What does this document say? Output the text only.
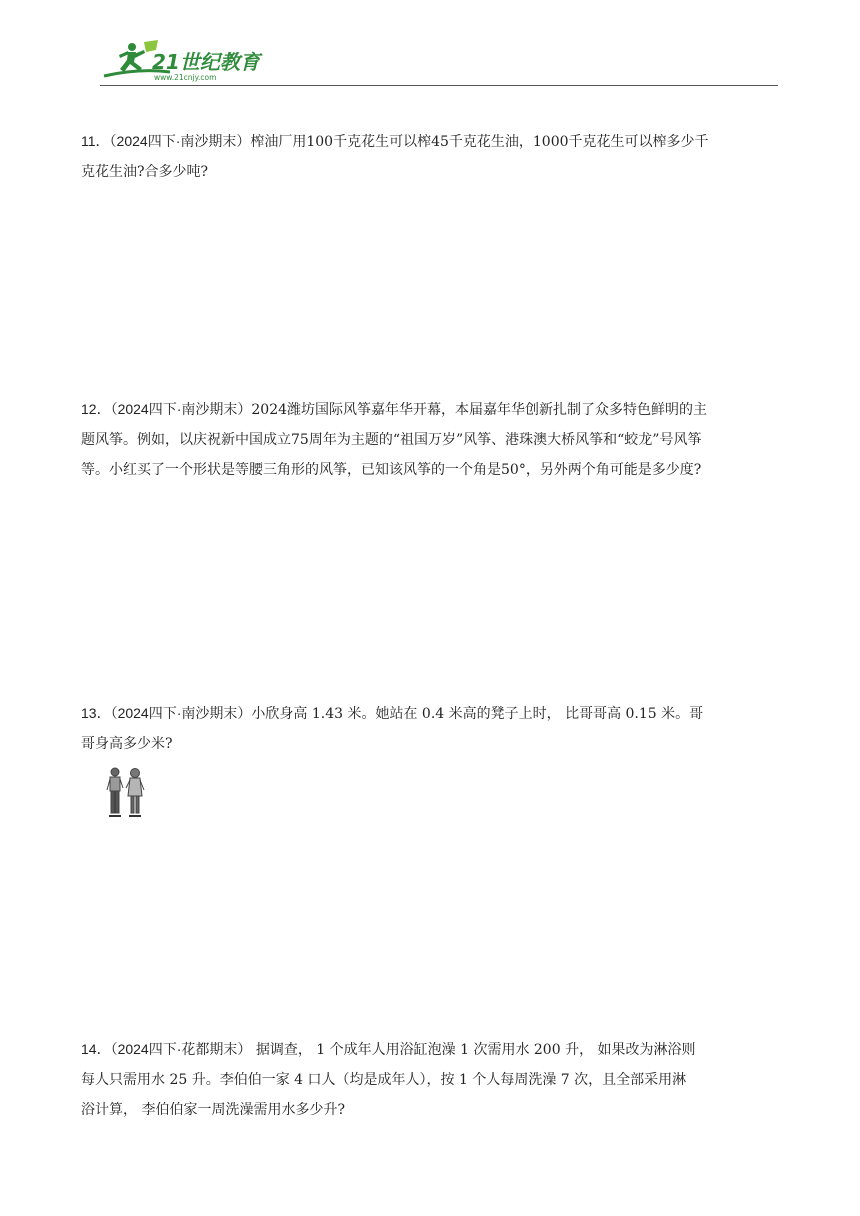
21世纪教育
www.21cnjy.com

11．（2024四下·南沙期末）榨油厂用100千克花生可以榨45千克花生油，1000千克花生可以榨多少千

克花生油?合多少吨?

12．（2024四下·南沙期末）2024潍坊国际风筝嘉年华开幕，本届嘉年华创新扎制了众多特色鲜明的主

题风筝。例如，以庆祝新中国成立75周年为主题的“祖国万岁”风筝、港珠澳大桥风筝和“蛟龙”号风筝

等。小红买了一个形状是等腰三角形的风筝，已知该风筝的一个角是50°，另外两个角可能是多少度?

13．（2024四下·南沙期末）小欣身高 1.43 米。她站在 0.4 米高的凳子上时， 比哥哥高 0.15 米。哥

哥身高多少米?

14．（2024四下·花都期末） 据调查， 1 个成年人用浴缸泡澡 1 次需用水 200 升， 如果改为淋浴则

每人只需用水 25 升。李伯伯一家 4 口人（均是成年人），按 1 个人每周洗澡 7 次，且全部采用淋

浴计算， 李伯伯家一周洗澡需用水多少升?
